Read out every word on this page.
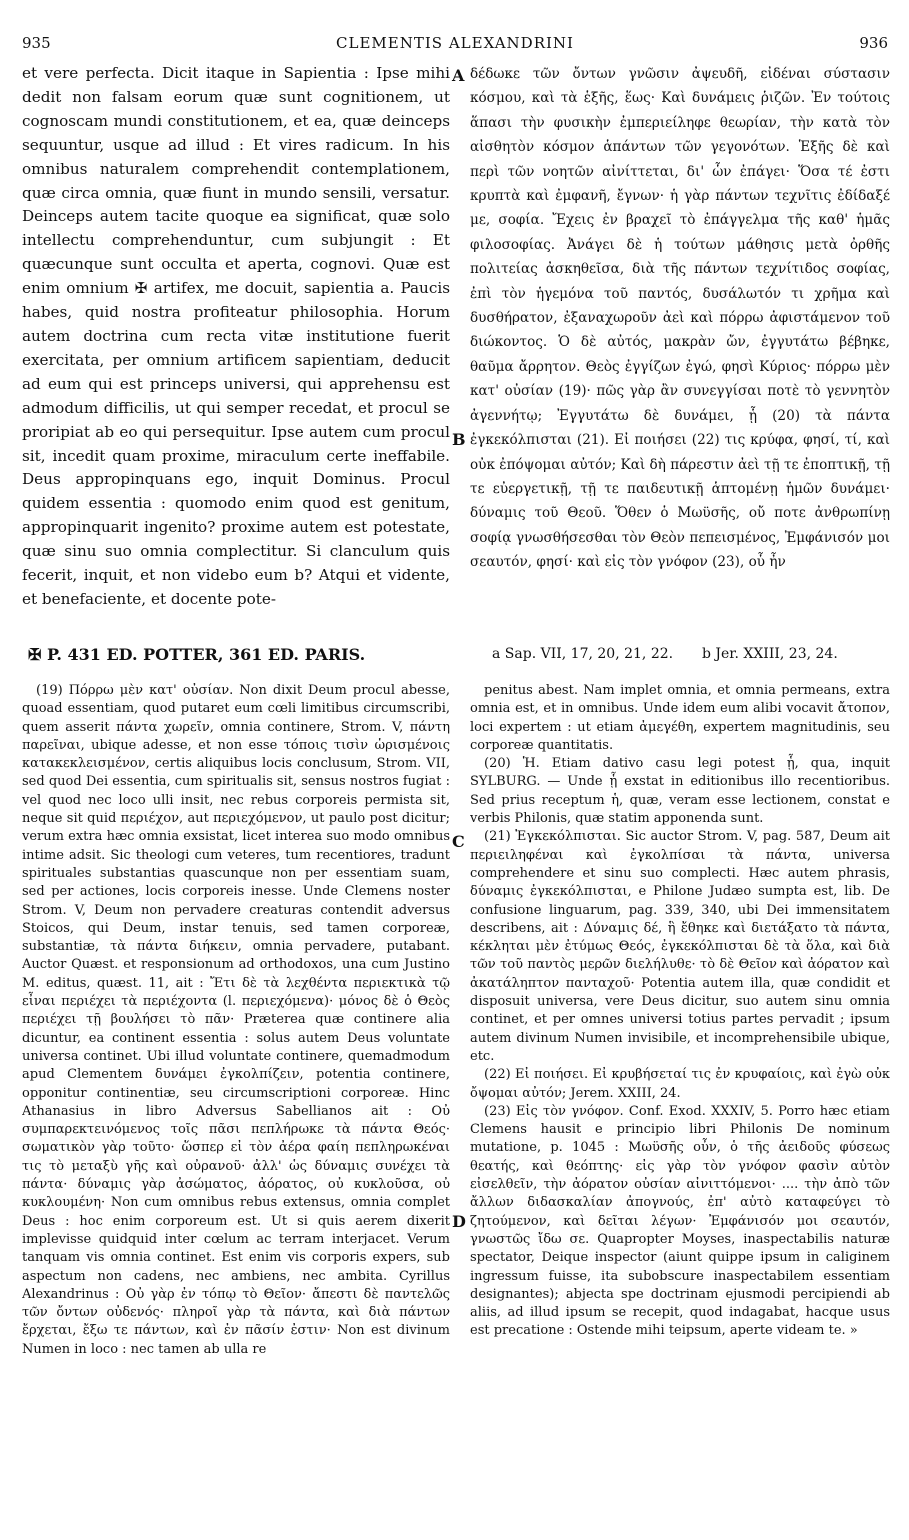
935	CLEMENTIS ALEXANDRINI	936

et vere perfecta. Dicit itaque in Sapientia : Ipse mihi dedit non falsam eorum quæ sunt cognitionem, ut cognoscam mundi constitutionem, et ea, quæ deinceps sequuntur, usque ad illud : Et vires radicum. In his omnibus naturalem comprehendit contemplationem, quæ circa omnia, quæ fiunt in mundo sensili, versatur. Deinceps autem tacite quoque ea significat, quæ solo intellectu comprehenduntur, cum subjungit : Et quæcunque sunt occulta et aperta, cognovi. Quæ est enim omnium ✠ artifex, me docuit, sapientia a. Paucis habes, quid nostra profiteatur philosophia. Horum autem doctrina cum recta vitæ institutione fuerit exercitata, per omnium artificem sapientiam, deducit ad eum qui est princeps universi, qui apprehensu est admodum difficilis, ut qui semper recedat, et procul se proripiat ab eo qui persequitur. Ipse autem cum procul sit, incedit quam proxime, miraculum certe ineffabile. Deus appropinquans ego, inquit Dominus. Procul quidem essentia : quomodo enim quod est genitum, appropinquarit ingenito? proxime autem est potestate, quæ sinu suo omnia complectitur. Si clanculum quis fecerit, inquit, et non videbo eum b? Atqui et vidente, et benefaciente, et docente pote-

δέδωκε τῶν ὄντων γνῶσιν ἀψευδῆ, εἰδέναι σύστασιν κόσμου, καὶ τὰ ἑξῆς, ἕως· Καὶ δυνάμεις ῥιζῶν. Ἐν τούτοις ἅπασι τὴν φυσικὴν ἐμπεριείληφε θεωρίαν, τὴν κατὰ τὸν αἰσθητὸν κόσμον ἁπάντων τῶν γεγονότων. Ἑξῆς δὲ καὶ περὶ τῶν νοητῶν αἰνίττεται, δι' ὧν ἐπάγει· Ὅσα τέ ἐστι κρυπτὰ καὶ ἐμφανῆ, ἔγνων· ἡ γὰρ πάντων τεχνῖτις ἐδίδαξέ με, σοφία. Ἔχεις ἐν βραχεῖ τὸ ἐπάγγελμα τῆς καθ' ἡμᾶς φιλοσοφίας. Ἀνάγει δὲ ἡ τούτων μάθησις μετὰ ὀρθῆς πολιτείας ἀσκηθεῖσα, διὰ τῆς πάντων τεχνίτιδος σοφίας, ἐπὶ τὸν ἡγεμόνα τοῦ παντός, δυσάλωτόν τι χρῆμα καὶ δυσθήρατον, ἐξαναχωροῦν ἀεὶ καὶ πόρρω ἀφιστάμενον τοῦ διώκοντος. Ὁ δὲ αὐτός, μακρὰν ὤν, ἐγγυτάτω βέβηκε, θαῦμα ἄρρητον. Θεὸς ἐγγίζων ἐγώ, φησὶ Κύριος· πόρρω μὲν κατ' οὐσίαν (19)· πῶς γὰρ ἂν συνεγγίσαι ποτὲ τὸ γεννητὸν ἀγεννήτῳ; Ἐγγυτάτω δὲ δυνάμει, ᾗ (20) τὰ πάντα ἐγκεκόλπισται (21). Εἰ ποιήσει (22) τις κρύφα, φησί, τί, καὶ οὐκ ἐπόψομαι αὐτόν; Καὶ δὴ πάρεστιν ἀεὶ τῇ τε ἐποπτικῇ, τῇ τε εὐεργετικῇ, τῇ τε παιδευτικῇ ἁπτομένῃ ἡμῶν δυνάμει· δύναμις τοῦ Θεοῦ. Ὅθεν ὁ Μωϋσῆς, οὔ ποτε ἀνθρωπίνῃ σοφίᾳ γνωσθήσεσθαι τὸν Θεὸν πεπεισμένος, Ἐμφάνισόν μοι σεαυτόν, φησί· καὶ εἰς τὸν γνόφον (23), οὗ ἦν

A
B
C
D
✠ P. 431 ED. POTTER, 361 ED. PARIS.	a Sap. VII, 17, 20, 21, 22. b Jer. XXIII, 23, 24.

(19) Πόρρω μὲν κατ' οὐσίαν. Non dixit Deum procul abesse, quoad essentiam, quod putaret eum cœli limitibus circumscribi, quem asserit πάντα χωρεῖν, omnia continere, Strom. V, πάντη παρεῖναι, ubique adesse, et non esse τόποις τισὶν ὡρισμένοις κατακεκλεισμένον, certis aliquibus locis conclusum, Strom. VII, sed quod Dei essentia, cum spiritualis sit, sensus nostros fugiat : vel quod nec loco ulli insit, nec rebus corporeis permista sit, neque sit quid περιέχον, aut περιεχόμενον, ut paulo post dicitur; verum extra hæc omnia exsistat, licet interea suo modo omnibus intime adsit. Sic theologi cum veteres, tum recentiores, tradunt spirituales substantias quascunque non per essentiam suam, sed per actiones, locis corporeis inesse. Unde Clemens noster Strom. V, Deum non pervadere creaturas contendit adversus Stoicos, qui Deum, instar tenuis, sed tamen corporeæ, substantiæ, τὰ πάντα διήκειν, omnia pervadere, putabant. Auctor Quæst. et responsionum ad orthodoxos, una cum Justino M. editus, quæst. 11, ait : Ἔτι δὲ τὰ λεχθέντα περιεκτικὰ τῷ εἶναι περιέχει τὰ περιέχοντα (l. περιεχόμενα)· μόνος δὲ ὁ Θεὸς περιέχει τῇ βουλήσει τὸ πᾶν· Præterea quæ continere alia dicuntur, ea continent essentia : solus autem Deus voluntate universa continet. Ubi illud voluntate continere, quemadmodum apud Clementem δυνάμει ἐγκολπίζειν, potentia continere, opponitur continentiæ, seu circumscriptioni corporeæ. Hinc Athanasius in libro Adversus Sabellianos ait : Οὐ συμπαρεκτεινόμενος τοῖς πᾶσι πεπλήρωκε τὰ πάντα Θεός· σωματικὸν γὰρ τοῦτο· ὥσπερ εἰ τὸν ἀέρα φαίη πεπληρωκέναι τις τὸ μεταξὺ γῆς καὶ οὐρανοῦ· ἀλλ' ὡς δύναμις συνέχει τὰ πάντα· δύναμις γὰρ ἀσώματος, ἀόρατος, οὐ κυκλοῦσα, οὐ κυκλουμένη· Non cum omnibus rebus extensus, omnia complet Deus : hoc enim corporeum est. Ut si quis aerem dixerit implevisse quidquid inter cœlum ac terram interjacet. Verum tanquam vis omnia continet. Est enim vis corporis expers, sub aspectum non cadens, nec ambiens, nec ambita. Cyrillus Alexandrinus : Οὐ γὰρ ἐν τόπῳ τὸ Θεῖον· ἄπεστι δὲ παντελῶς τῶν ὄντων οὐδενός· πληροῖ γὰρ τὰ πάντα, καὶ διὰ πάντων ἔρχεται, ἔξω τε πάντων, καὶ ἐν πᾶσίν ἐστιν· Non est divinum Numen in loco : nec tamen ab ulla re

penitus abest. Nam implet omnia, et omnia permeans, extra omnia est, et in omnibus. Unde idem eum alibi vocavit ἄτοπον, loci expertem : ut etiam ἀμεγέθη, expertem magnitudinis, seu corporeæ quantitatis.

(20) Ἡ. Etiam dativo casu legi potest ᾗ, qua, inquit SYLBURG. — Unde ᾗ exstat in editionibus illo recentioribus. Sed prius receptum ἡ, quæ, veram esse lectionem, constat e verbis Philonis, quæ statim apponenda sunt.

(21) Ἐγκεκόλπισται. Sic auctor Strom. V, pag. 587, Deum ait περιειληφέναι καὶ ἐγκολπίσαι τὰ πάντα, universa comprehendere et sinu suo complecti. Hæc autem phrasis, δύναμις ἐγκεκόλπισται, e Philone Judæo sumpta est, lib. De confusione linguarum, pag. 339, 340, ubi Dei immensitatem describens, ait : Δύναμις δέ, ἣ ἔθηκε καὶ διετάξατο τὰ πάντα, κέκληται μὲν ἐτύμως Θεός, ἐγκεκόλπισται δὲ τὰ ὅλα, καὶ διὰ τῶν τοῦ παντὸς μερῶν διελήλυθε· τὸ δὲ Θεῖον καὶ ἀόρατον καὶ ἀκατάληπτον πανταχοῦ· Potentia autem illa, quæ condidit et disposuit universa, vere Deus dicitur, suo autem sinu omnia continet, et per omnes universi totius partes pervadit ; ipsum autem divinum Numen invisibile, et incomprehensibile ubique, etc.

(22) Εἰ ποιήσει. Εἰ κρυβήσεταί τις ἐν κρυφαίοις, καὶ ἐγὼ οὐκ ὄψομαι αὐτόν; Jerem. XXIII, 24.

(23) Εἰς τὸν γνόφον. Conf. Exod. XXXIV, 5. Porro hæc etiam Clemens hausit e principio libri Philonis De nominum mutatione, p. 1045 : Μωϋσῆς οὖν, ὁ τῆς ἀειδοῦς φύσεως θεατής, καὶ θεόπτης· εἰς γὰρ τὸν γνόφον φασὶν αὐτὸν εἰσελθεῖν, τὴν ἀόρατον οὐσίαν αἰνιττόμενοι· .... τὴν ἀπὸ τῶν ἄλλων διδασκαλίαν ἀπογνούς, ἐπ' αὐτὸ καταφεύγει τὸ ζητούμενον, καὶ δεῖται λέγων· Ἐμφάνισόν μοι σεαυτόν, γνωστῶς ἴδω σε. Quapropter Moyses, inaspectabilis naturæ spectator, Deique inspector (aiunt quippe ipsum in caliginem ingressum fuisse, ita subobscure inaspectabilem essentiam designantes); abjecta spe doctrinam ejusmodi percipiendi ab aliis, ad illud ipsum se recepit, quod indagabat, hacque usus est precatione : Ostende mihi teipsum, aperte videam te. »
